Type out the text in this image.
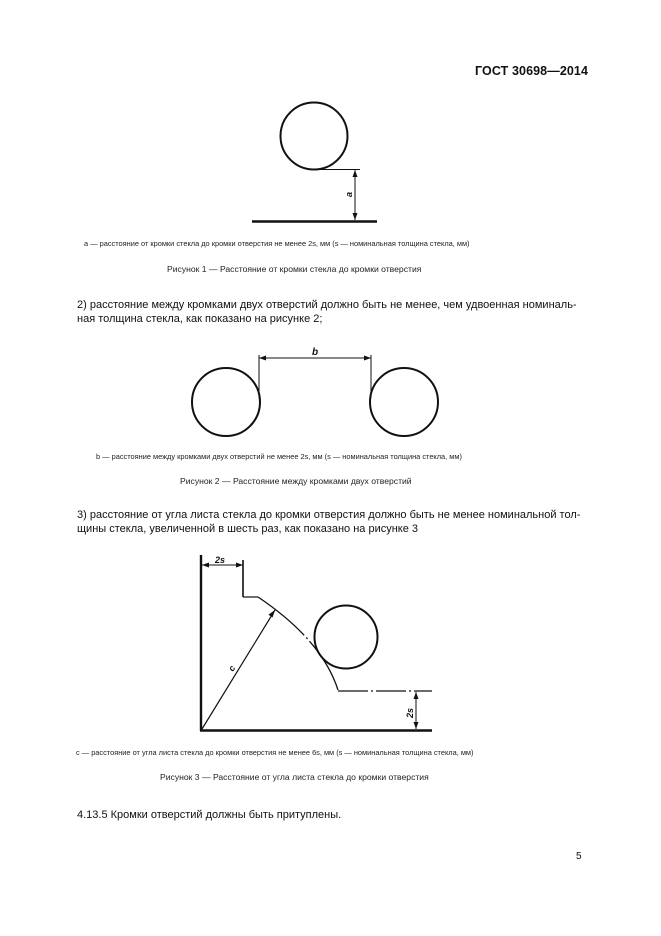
ГОСТ 30698—2014
a
a — расстояние от кромки стекла до кромки отверстия не менее 2s, мм (s — номинальная толщина стекла, мм)
Рисунок 1 — Расстояние от кромки стекла до кромки отверстия
2) расстояние между кромками двух отверстий должно быть не менее, чем удвоенная номиналь-
ная толщина стекла, как показано на рисунке 2;
b
b — расстояние между кромками двух отверстий не менее 2s, мм (s — номинальная толщина стекла, мм)
Рисунок 2 — Расстояние между кромками двух отверстий
3) расстояние от угла листа стекла до кромки отверстия должно быть не менее номинальной тол-
щины стекла, увеличенной в шесть раз, как показано на рисунке 3
2s
c
2s
c — расстояние от угла листа стекла до кромки отверстия не менее 6s, мм (s — номинальная толщина стекла, мм)
Рисунок 3 — Расстояние от угла листа стекла до кромки отверстия
4.13.5 Кромки отверстий должны быть притуплены.
5
